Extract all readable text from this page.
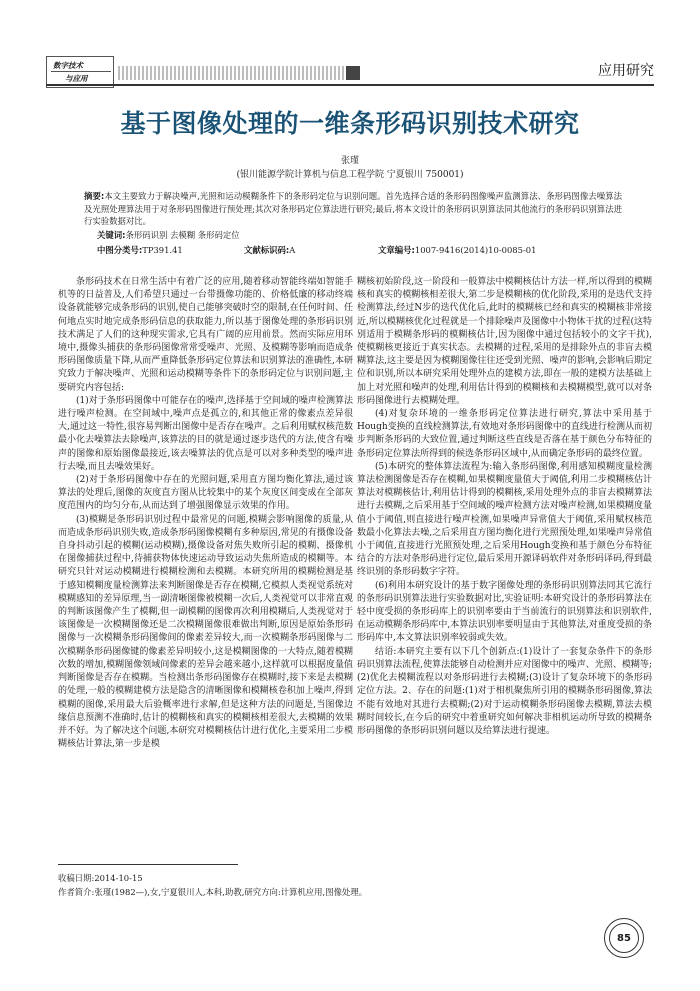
数字技术
与应用	应用研究
基于图像处理的一维条形码识别技术研究
张瑾
(银川能源学院计算机与信息工程学院 宁夏银川 750001)
摘要:本文主要致力于解决噪声,光照和运动模糊条件下的条形码定位与识别问题。首先选择合适的条形码图像噪声监测算法、条形码图像去噪算法及光照处理算法用于对条形码图像进行预处理;其次对条形码定位算法进行研究;最后,将本文设计的条形码识别算法同其他流行的条形码识别算法进行实验数据对比。
关键词:条形码识别 去模糊 条形码定位
中图分类号:TP391.41	文献标识码:A	文章编号:1007-9416(2014)10-0085-01

条形码技术在日常生活中有着广泛的应用,随着移动智能终端如智能手机等的日益普及,人们希望只通过一台带摄像功能的、价格低廉的移动终端设备就能够完成条形码的识别,使自己能够突破时空的限制,在任何时间、任何地点实时地完成条形码信息的获取能力,所以基于图像处理的条形码识别技术满足了人们的这种现实需求,它具有广阔的应用前景。然而实际应用环境中,摄像头捕获的条形码图像常常受噪声、光照、及模糊等影响而造成条形码图像质量下降,从而严重降低条形码定位算法和识别算法的准确性,本研究致力于解决噪声、光照和运动模糊等条件下的条形码定位与识别问题,主要研究内容包括:

(1)对于条形码图像中可能存在的噪声,选择基于空间域的噪声检测算法进行噪声检测。在空间域中,噪声点是孤立的,和其他正常的像素点差异很大,通过这一特性,很容易判断出图像中是否存在噪声。之后利用赋权核范数最小化去噪算法去除噪声,该算法的目的就是通过逐步迭代的方法,使含有噪声的图像和原始图像最接近,该去噪算法的优点是可以对多种类型的噪声进行去噪,而且去噪效果好。

(2)对于条形码图像中存在的光照问题,采用直方图均衡化算法,通过该算法的处理后,图像的灰度直方图从比较集中的某个灰度区间变成在全部灰度范围内的均匀分布,从而达到了增强图像显示效果的作用。

(3)模糊是条形码识别过程中最常见的问题,模糊会影响图像的质量,从而造成条形码识别失败,造成条形码图像模糊有多种原因,常见的有摄像设备自身抖动引起的模糊(运动模糊),摄像设备对焦失败所引起的模糊、摄像机在图像捕获过程中,待捕获物体快速运动导致运动失焦所造成的模糊等。本研究只针对运动模糊进行模糊检测和去模糊。本研究所用的模糊检测是基于感知模糊度量检测算法来判断图像是否存在模糊,它模拟人类视觉系统对模糊感知的差异原理,当一副清晰图像被模糊一次后,人类视觉可以非常直观的判断该图像产生了模糊,但一副模糊的图像再次利用模糊后,人类视觉对于该图像是一次模糊图像还是二次模糊图像很难做出判断,原因是原始条形码图像与一次模糊条形码图像间的像素差异较大,而一次模糊条形码图像与二次模糊条形码图像键的像素差异明较小,这是模糊图像的一大特点,随着模糊次数的增加,模糊图像领域间像素的差异会越来越小,这样就可以根据度量值判断图像是否存在模糊。当检测出条形码图像存在模糊时,接下来是去模糊的处理,一般的模糊建模方法是隐含的清晰图像和模糊核卷积加上噪声,得到模糊的图像,采用最大后验概率进行求解,但是这种方法的问题是,当图像边缘信息预测不准确时,估计的模糊核和真实的模糊核相差很大,去模糊的效果并不好。为了解决这个问题,本研究对模糊核估计进行优化,主要采用二步模糊核估计算法,第一步是模

糊核初始阶段,这一阶段和一般算法中模糊核估计方法一样,所以得到的模糊核和真实的模糊核相差很大,第二步是模糊核的优化阶段,采用的是迭代支持检测算法,经过N步的迭代优化后,此时的模糊核已经和真实的模糊核非常接近,所以模糊核优化过程就是一个排除噪声及图像中小物体干扰的过程(这特别适用于模糊条形码的模糊核估计,因为图像中通过包括较小的文字干扰),使模糊核更接近于真实状态。去模糊的过程,采用的是排除外点的非盲去模糊算法,这主要是因为模糊图像往往还受到光照、噪声的影响,会影响后期定位和识别,所以本研究采用处理外点的建模方法,即在一般的建模方法基础上加上对光照和噪声的处理,利用估计得到的模糊核和去模糊模型,就可以对条形码图像进行去模糊处理。

(4)对复杂环境的一维条形码定位算法进行研究,算法中采用基于Hough变换的直线检测算法,有效地对条形码图像中的直线进行检测从而初步判断条形码的大致位置,通过判断这些直线是否落在基于颜色分布特征的条形码定位算法所得到的候选条形码区域中,从而确定条形码的最终位置。

(5)本研究的整体算法流程为:输入条形码图像,利用感知模糊度量检测算法检测图像是否存在模糊,如果模糊度量值大于阈值,利用二步模糊核估计算法对模糊核估计,利用估计得到的模糊核,采用处理外点的非盲去模糊算法进行去模糊,之后采用基于空间域的噪声检测方法对噪声检测,如果模糊度量值小于阈值,则直接进行噪声检测,如果噪声异常值大于阈值,采用赋权核范数最小化算法去噪,之后采用直方图均衡化进行光照预处理,如果噪声异常值小于阈值,直接进行光照预处理,之后采用Hough变换和基于颜色分布特征结合的方法对条形码进行定位,最后采用开源译码软件对条形码译码,得到最终识别的条形码数字字符。

(6)利用本研究设计的基于数字图像处理的条形码识别算法同其它流行的条形码识别算法进行实验数据对比,实验证明:本研究设计的条形码算法在轻中度受损的条形码库上的识别率要由于当前流行的识别算法和识别软件,在运动模糊条形码库中,本算法识别率要明显由于其他算法,对重度受损的条形码库中,本文算法识别率较弱或失效。

结语:本研究主要有以下几个创新点:(1)设计了一套复杂条件下的条形码识别算法流程,使算法能够自动检测并应对图像中的噪声、光照、模糊等;(2)优化去模糊流程以对条形码进行去模糊;(3)设计了复杂环境下的条形码定位方法。2、存在的问题:(1)对于相机聚焦所引用的模糊条形码图像,算法不能有效地对其进行去模糊;(2)对于运动模糊条形码图像去模糊,算法去模糊时间较长,在今后的研究中着重研究如何解决非相机运动所导致的模糊条形码图像的条形码识别问题以及给算法进行提速。

收稿日期:2014-10-15
作者简介:张瑾(1982—),女,宁夏银川人,本科,助教,研究方向:计算机应用,图像处理。
85
